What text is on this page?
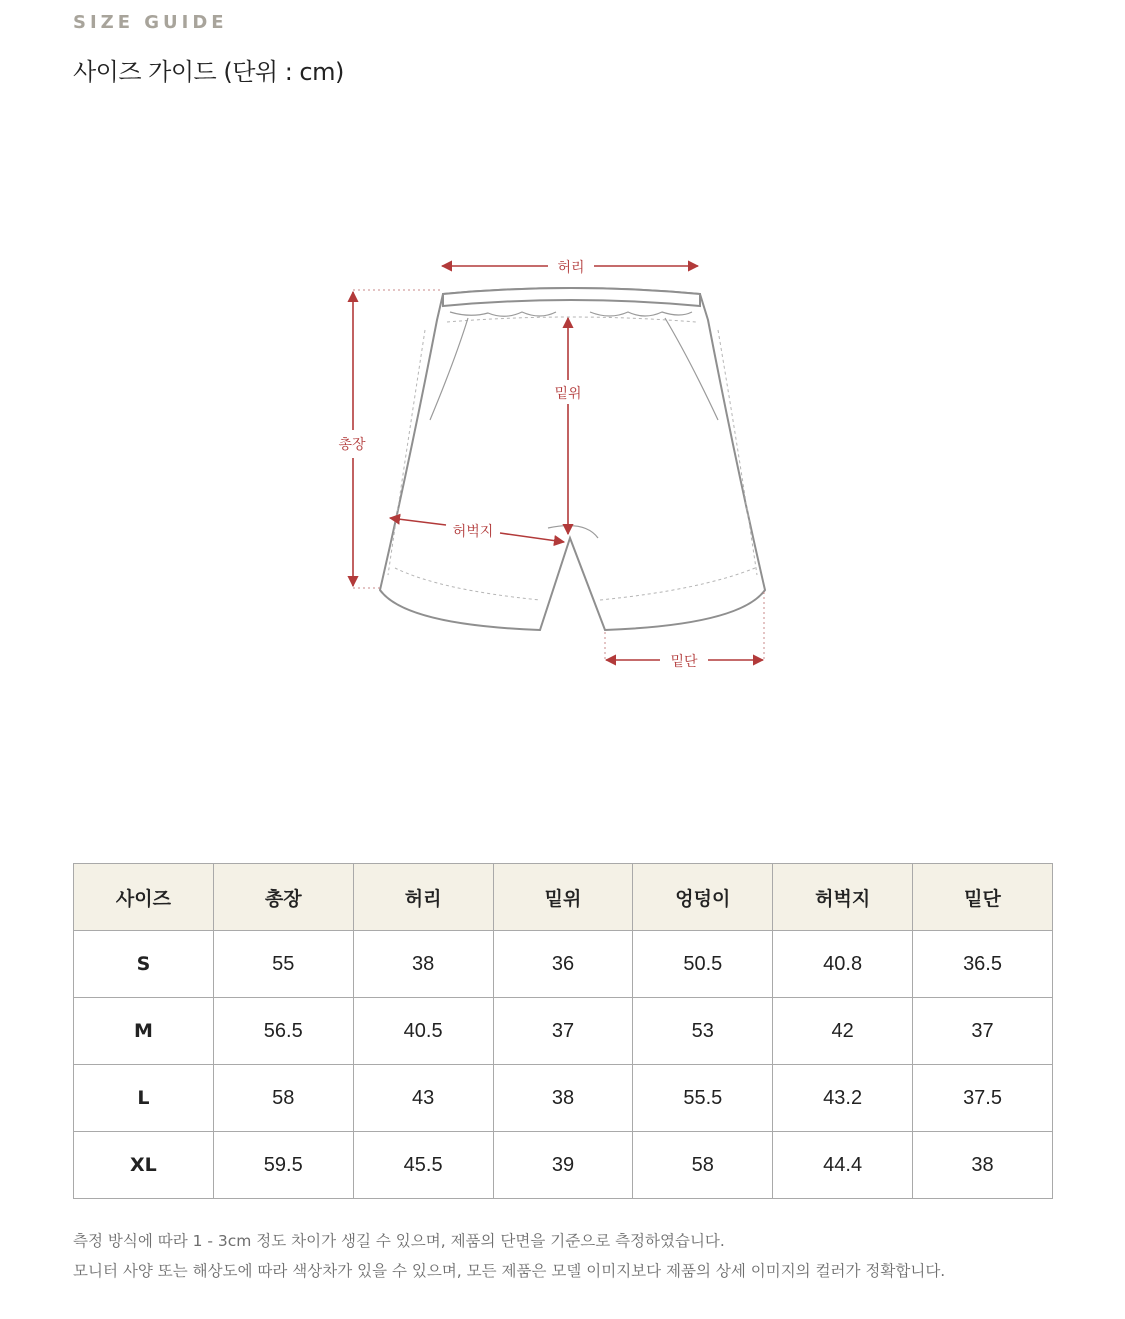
SIZE GUIDE
사이즈 가이드 (단위 : cm)
허리
밑위
총장
허벅지
밑단
사이즈	총장	허리	밑위	엉덩이	허벅지	밑단
S	55	38	36	50.5	40.8	36.5
M	56.5	40.5	37	53	42	37
L	58	43	38	55.5	43.2	37.5
XL	59.5	45.5	39	58	44.4	38
측정 방식에 따라 1 - 3cm 정도 차이가 생길 수 있으며, 제품의 단면을 기준으로 측정하였습니다.
모니터 사양 또는 해상도에 따라 색상차가 있을 수 있으며, 모든 제품은 모델 이미지보다 제품의 상세 이미지의 컬러가 정확합니다.
